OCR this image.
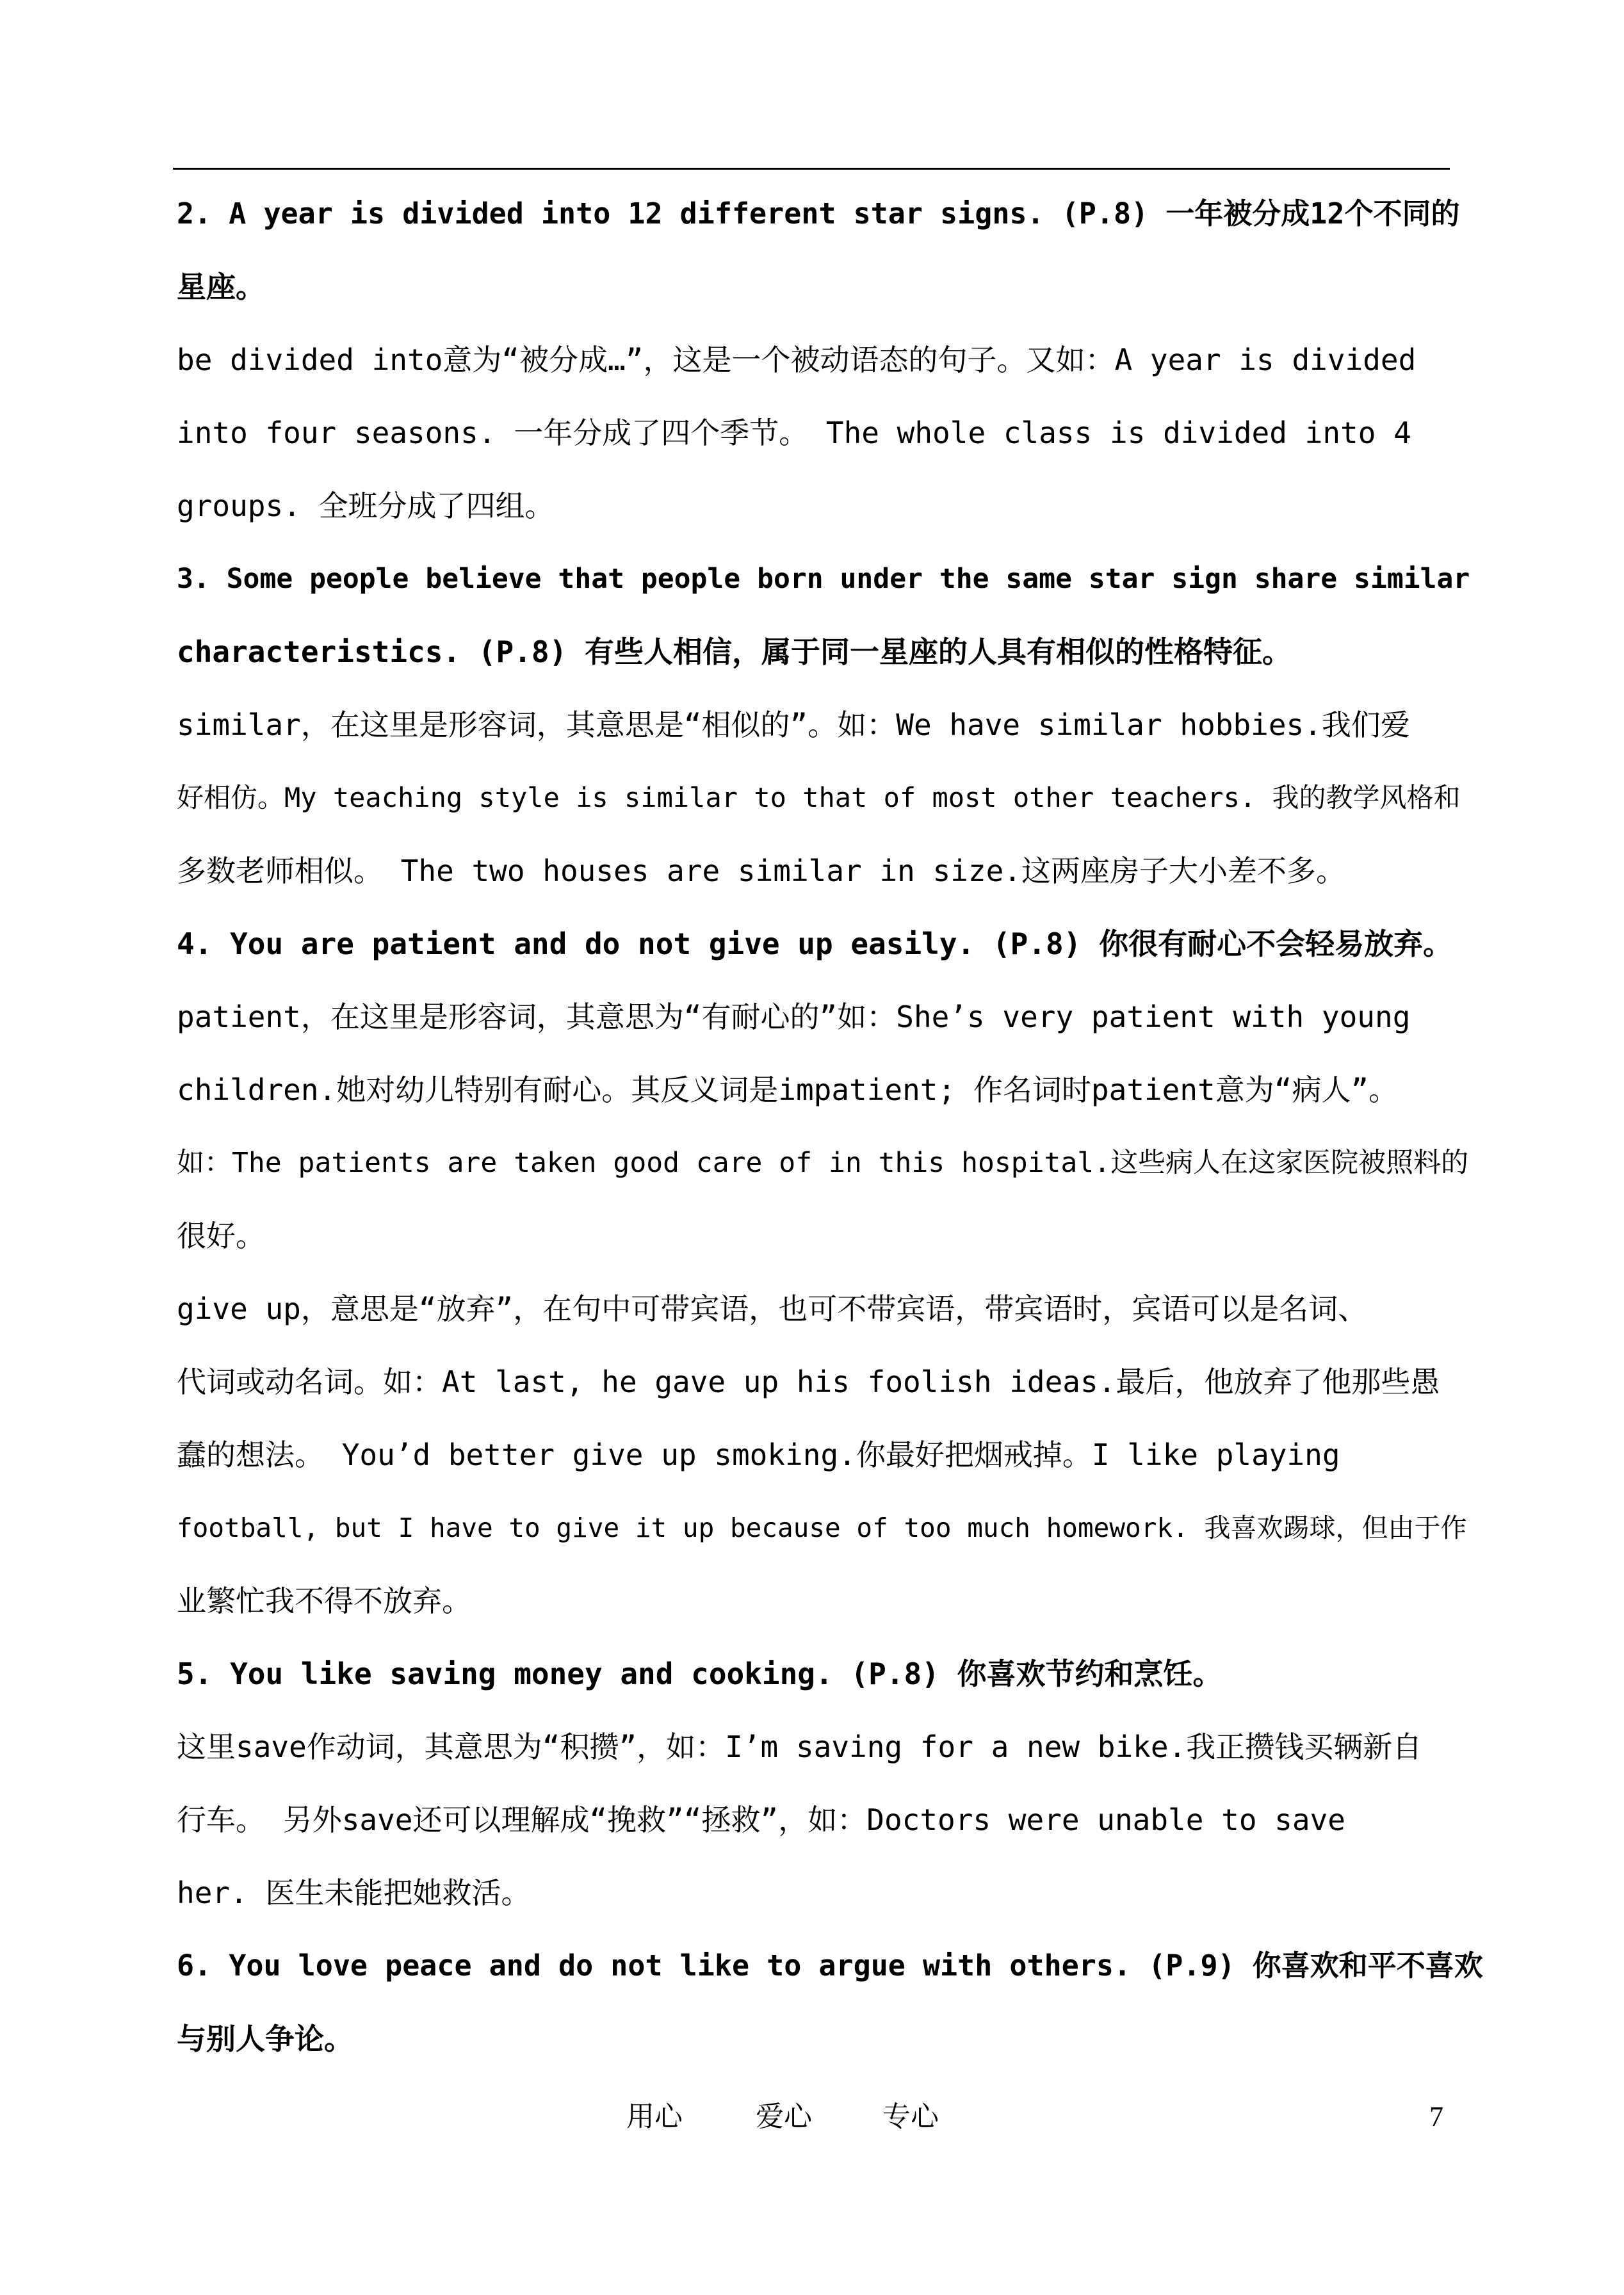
2. A year is divided into 12 different star signs. (P.8) 一年被分成12个不同的
星座。
be divided into意为“被分成…”，这是一个被动语态的句子。又如：A year is divided
into four seasons. 一年分成了四个季节。 The whole class is divided into 4
groups. 全班分成了四组。
3. Some people believe that people born under the same star sign share similar
characteristics. (P.8) 有些人相信，属于同一星座的人具有相似的性格特征。
similar，在这里是形容词，其意思是“相似的”。如：We have similar hobbies.我们爱
好相仿。My teaching style is similar to that of most other teachers. 我的教学风格和
多数老师相似。 The two houses are similar in size.这两座房子大小差不多。
4. You are patient and do not give up easily. (P.8) 你很有耐心不会轻易放弃。
patient，在这里是形容词，其意思为“有耐心的”如：She’s very patient with young
children.她对幼儿特别有耐心。其反义词是impatient; 作名词时patient意为“病人”。
如：The patients are taken good care of in this hospital.这些病人在这家医院被照料的
很好。
give up，意思是“放弃”，在句中可带宾语，也可不带宾语，带宾语时，宾语可以是名词、
代词或动名词。如：At last, he gave up his foolish ideas.最后，他放弃了他那些愚
蠢的想法。 You’d better give up smoking.你最好把烟戒掉。I like playing
football, but I have to give it up because of too much homework. 我喜欢踢球，但由于作
业繁忙我不得不放弃。
5. You like saving money and cooking. (P.8) 你喜欢节约和烹饪。
这里save作动词，其意思为“积攒”，如：I’m saving for a new bike.我正攒钱买辆新自
行车。 另外save还可以理解成“挽救”“拯救”，如：Doctors were unable to save
her. 医生未能把她救活。
6. You love peace and do not like to argue with others. (P.9) 你喜欢和平不喜欢
与别人争论。
用心	爱心	专心	7
